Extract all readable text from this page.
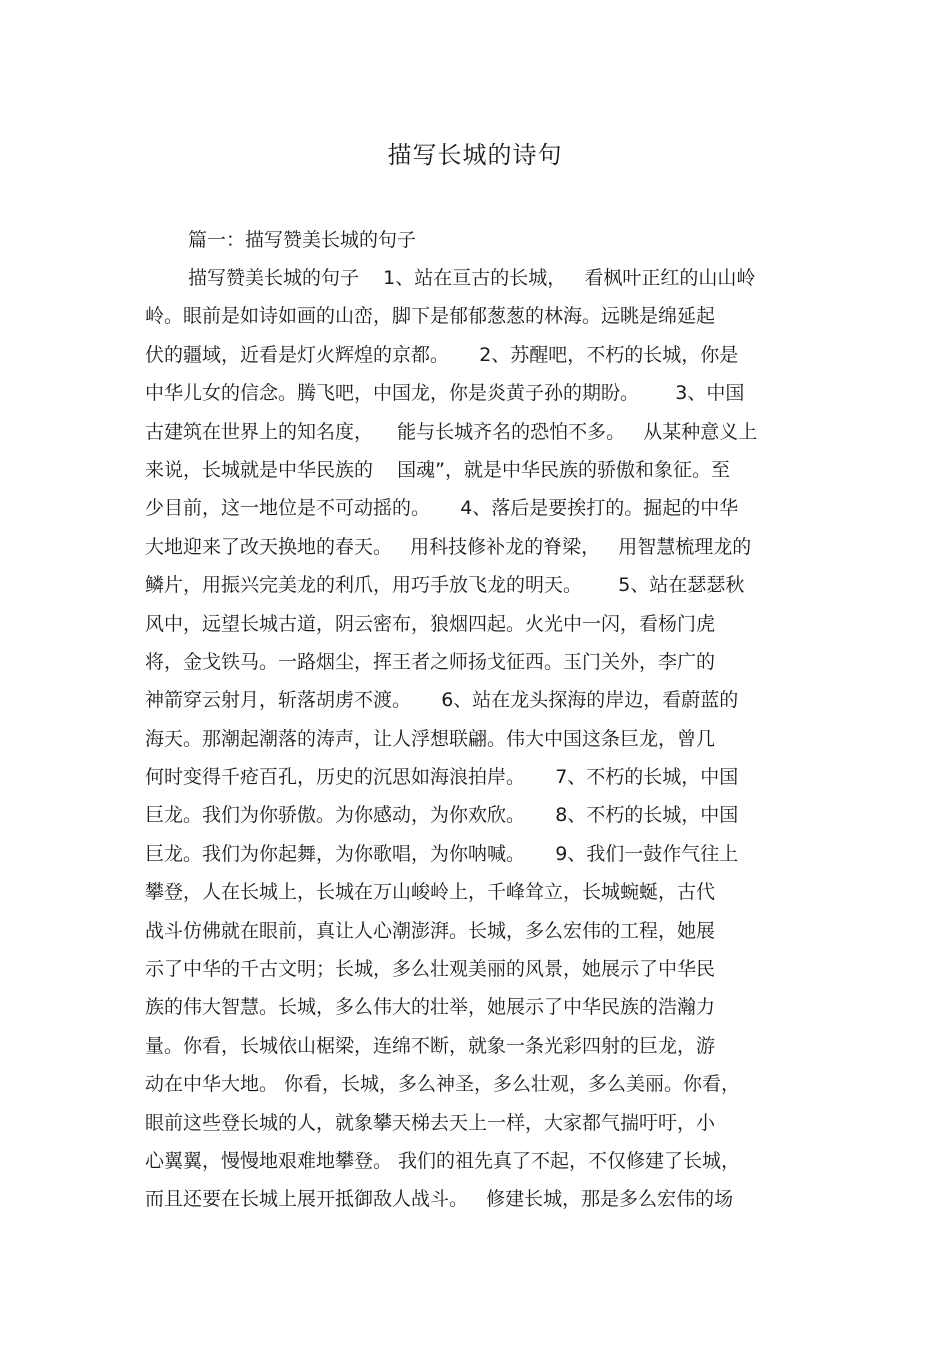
描写长城的诗句
篇一：描写赞美长城的句子
描写赞美长城的句子    1、站在亘古的长城，   看枫叶正红的山山岭
岭。眼前是如诗如画的山峦，脚下是郁郁葱葱的林海。远眺是绵延起
伏的疆域，近看是灯火辉煌的京都。     2、苏醒吧，不朽的长城，你是
中华儿女的信念。腾飞吧，中国龙，你是炎黄子孙的期盼。      3、中国
古建筑在世界上的知名度，    能与长城齐名的恐怕不多。   从某种意义上
来说，长城就是中华民族的    国魂”，就是中华民族的骄傲和象征。至
少目前，这一地位是不可动摇的。     4、落后是要挨打的。掘起的中华
大地迎来了改天换地的春天。   用科技修补龙的脊梁，   用智慧梳理龙的
鳞片，用振兴完美龙的利爪，用巧手放飞龙的明天。      5、站在瑟瑟秋
风中，远望长城古道，阴云密布，狼烟四起。火光中一闪，看杨门虎
将，金戈铁马。一路烟尘，挥王者之师扬戈征西。玉门关外，李广的
神箭穿云射月，斩落胡虏不渡。     6、站在龙头探海的岸边，看蔚蓝的
海天。那潮起潮落的涛声，让人浮想联翩。伟大中国这条巨龙，曾几
何时变得千疮百孔，历史的沉思如海浪拍岸。     7、不朽的长城，中国
巨龙。我们为你骄傲。为你感动，为你欢欣。     8、不朽的长城，中国
巨龙。我们为你起舞，为你歌唱，为你呐喊。     9、我们一鼓作气往上
攀登，人在长城上，长城在万山峻岭上，千峰耸立，长城蜿蜒，古代
战斗仿佛就在眼前，真让人心潮澎湃。长城，多么宏伟的工程，她展
示了中华的千古文明；长城，多么壮观美丽的风景，她展示了中华民
族的伟大智慧。长城，多么伟大的壮举，她展示了中华民族的浩瀚力
量。你看，长城依山椐梁，连绵不断，就象一条光彩四射的巨龙，游
动在中华大地。 你看，长城，多么神圣，多么壮观，多么美丽。你看，
眼前这些登长城的人，就象攀天梯去天上一样，大家都气揣吁吁，小
心翼翼，慢慢地艰难地攀登。 我们的祖先真了不起，不仅修建了长城，
而且还要在长城上展开抵御敌人战斗。   修建长城，那是多么宏伟的场
